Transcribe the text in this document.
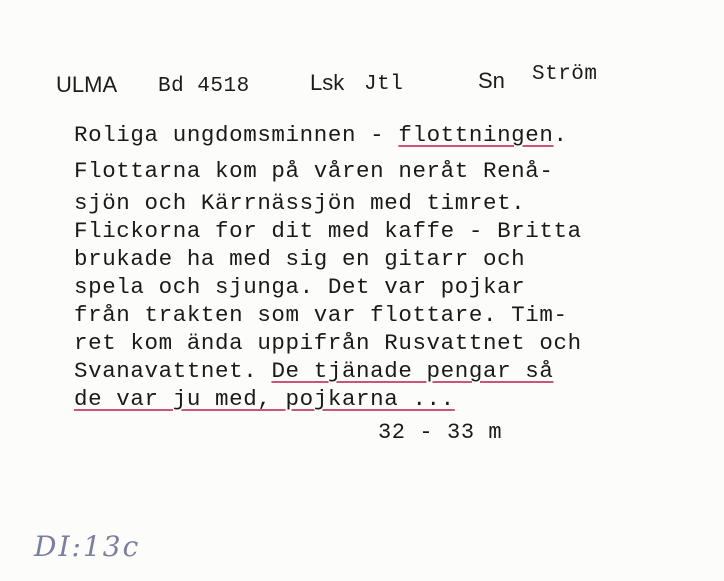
ULMA Bd 4518	Lsk Jtl	Sn Ström
Roliga ungdomsminnen - flottningen.
Flottarna kom på våren neråt Renå-
sjön och Kärrnässjön med timret.
Flickorna for dit med kaffe - Britta
brukade ha med sig en gitarr och
spela och sjunga. Det var pojkar
från trakten som var flottare. Tim-
ret kom ända uppifrån Rusvattnet och
Svanavattnet. De tjänade pengar så
de var ju med, pojkarna ...
32 - 33 m
DI:13c
